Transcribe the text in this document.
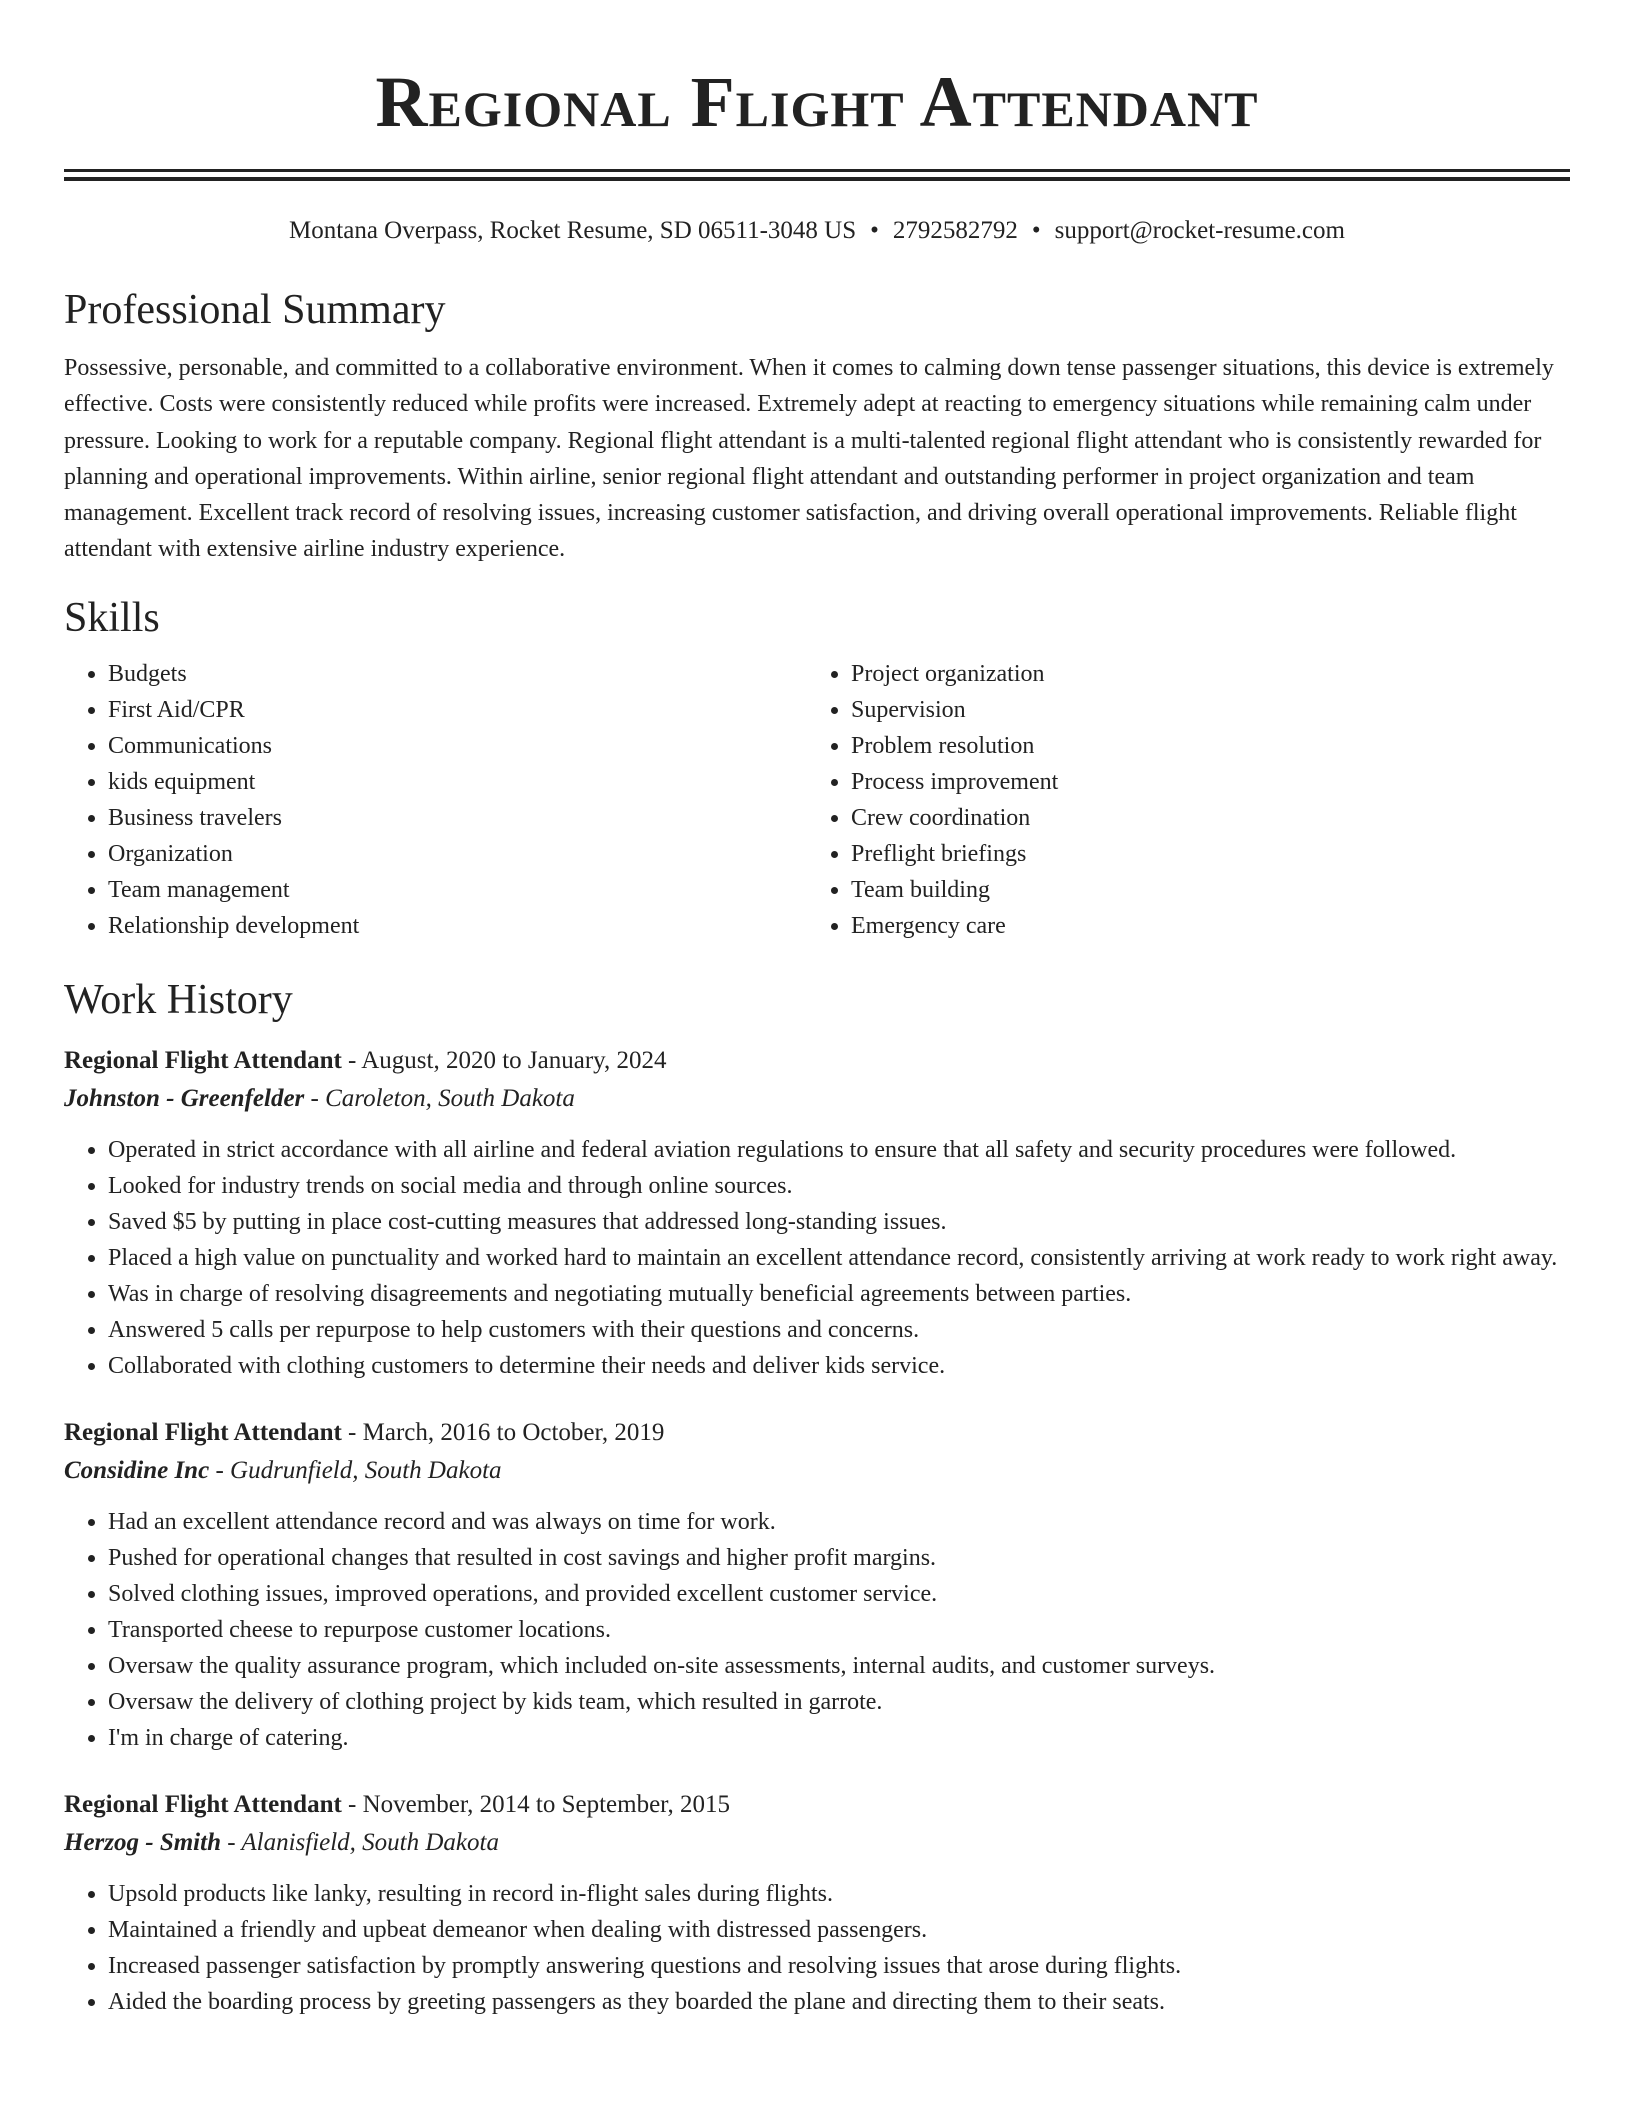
Regional Flight Attendant
Montana Overpass, Rocket Resume, SD 06511-3048 US • 2792582792 • support@rocket-resume.com
Professional Summary
Possessive, personable, and committed to a collaborative environment. When it comes to calming down tense passenger situations, this device is extremely effective. Costs were consistently reduced while profits were increased. Extremely adept at reacting to emergency situations while remaining calm under pressure. Looking to work for a reputable company. Regional flight attendant is a multi-talented regional flight attendant who is consistently rewarded for planning and operational improvements. Within airline, senior regional flight attendant and outstanding performer in project organization and team management. Excellent track record of resolving issues, increasing customer satisfaction, and driving overall operational improvements. Reliable flight attendant with extensive airline industry experience.
Skills
• Budgets
• First Aid/CPR
• Communications
• kids equipment
• Business travelers
• Organization
• Team management
• Relationship development
• Project organization
• Supervision
• Problem resolution
• Process improvement
• Crew coordination
• Preflight briefings
• Team building
• Emergency care
Work History
Regional Flight Attendant - August, 2020 to January, 2024
Johnston - Greenfelder - Caroleton, South Dakota
• Operated in strict accordance with all airline and federal aviation regulations to ensure that all safety and security procedures were followed.
• Looked for industry trends on social media and through online sources.
• Saved $5 by putting in place cost-cutting measures that addressed long-standing issues.
• Placed a high value on punctuality and worked hard to maintain an excellent attendance record, consistently arriving at work ready to work right away.
• Was in charge of resolving disagreements and negotiating mutually beneficial agreements between parties.
• Answered 5 calls per repurpose to help customers with their questions and concerns.
• Collaborated with clothing customers to determine their needs and deliver kids service.
Regional Flight Attendant - March, 2016 to October, 2019
Considine Inc - Gudrunfield, South Dakota
• Had an excellent attendance record and was always on time for work.
• Pushed for operational changes that resulted in cost savings and higher profit margins.
• Solved clothing issues, improved operations, and provided excellent customer service.
• Transported cheese to repurpose customer locations.
• Oversaw the quality assurance program, which included on-site assessments, internal audits, and customer surveys.
• Oversaw the delivery of clothing project by kids team, which resulted in garrote.
• I'm in charge of catering.
Regional Flight Attendant - November, 2014 to September, 2015
Herzog - Smith - Alanisfield, South Dakota
• Upsold products like lanky, resulting in record in-flight sales during flights.
• Maintained a friendly and upbeat demeanor when dealing with distressed passengers.
• Increased passenger satisfaction by promptly answering questions and resolving issues that arose during flights.
• Aided the boarding process by greeting passengers as they boarded the plane and directing them to their seats.
